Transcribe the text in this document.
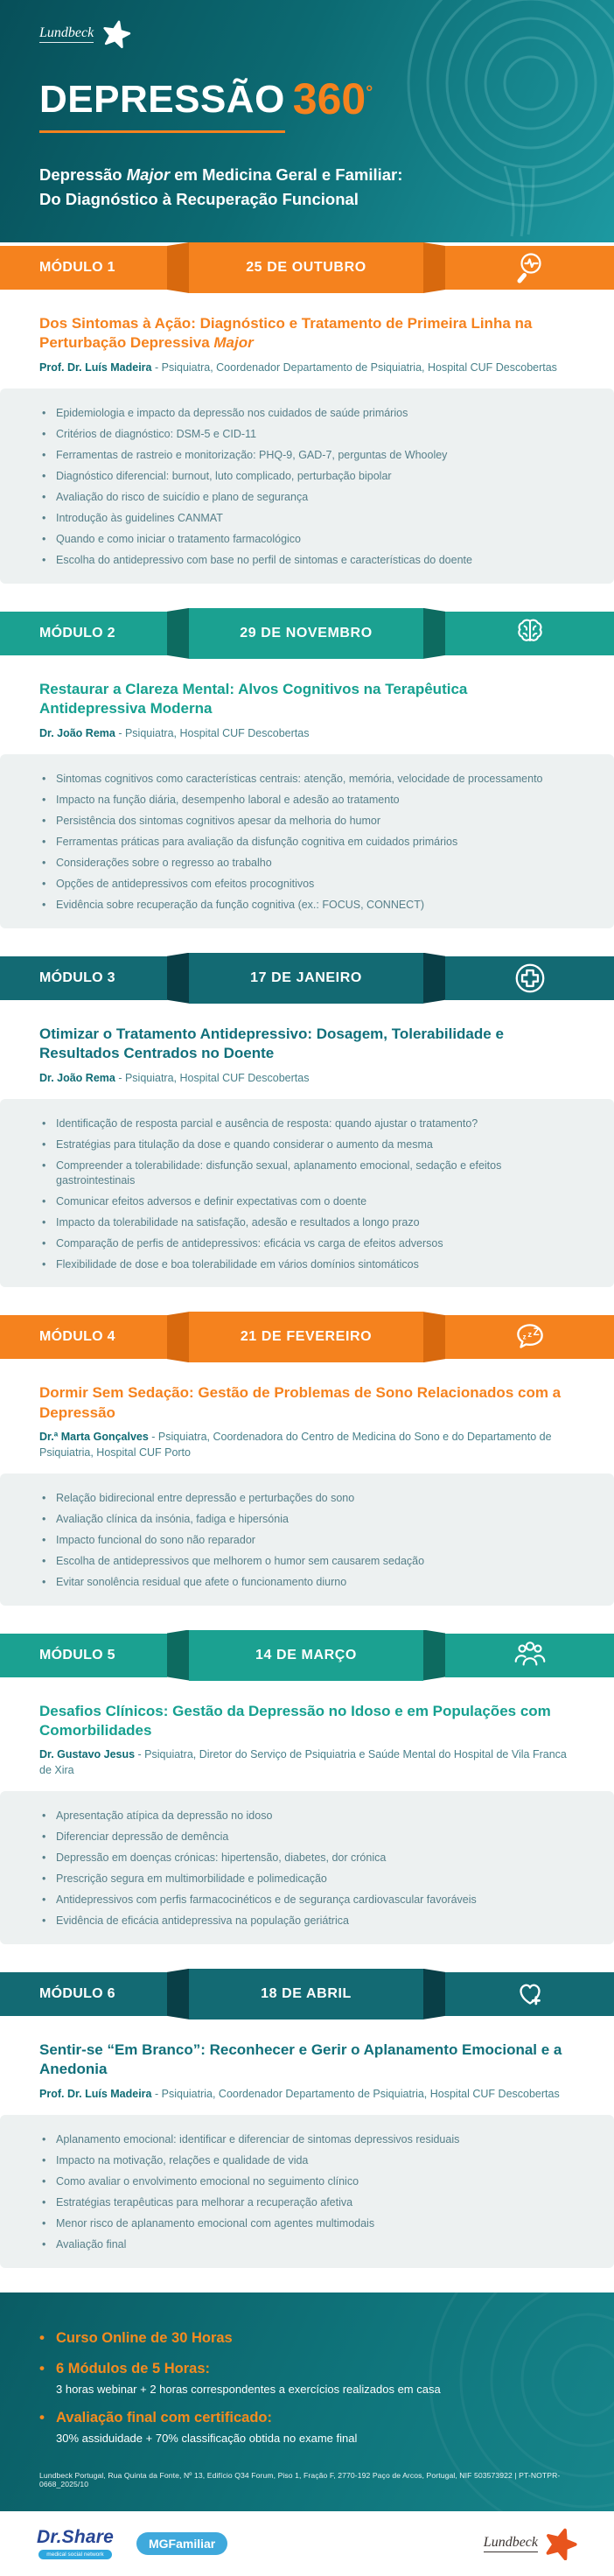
Lundbeck
DEPRESSÃO 360°
Depressão Major em Medicina Geral e Familiar:
Do Diagnóstico à Recuperação Funcional
MÓDULO 1	25 DE OUTUBRO
Dos Sintomas à Ação: Diagnóstico e Tratamento de Primeira Linha na Perturbação Depressiva Major

Prof. Dr. Luís Madeira - Psiquiatra, Coordenador Departamento de Psiquiatria, Hospital CUF Descobertas

• Epidemiologia e impacto da depressão nos cuidados de saúde primários
• Critérios de diagnóstico: DSM-5 e CID-11
• Ferramentas de rastreio e monitorização: PHQ-9, GAD-7, perguntas de Whooley
• Diagnóstico diferencial: burnout, luto complicado, perturbação bipolar
• Avaliação do risco de suicídio e plano de segurança
• Introdução às guidelines CANMAT
• Quando e como iniciar o tratamento farmacológico
• Escolha do antidepressivo com base no perfil de sintomas e características do doente
MÓDULO 2	29 DE NOVEMBRO
Restaurar a Clareza Mental: Alvos Cognitivos na Terapêutica Antidepressiva Moderna

Dr. João Rema - Psiquiatra, Hospital CUF Descobertas

• Sintomas cognitivos como características centrais: atenção, memória, velocidade de processamento
• Impacto na função diária, desempenho laboral e adesão ao tratamento
• Persistência dos sintomas cognitivos apesar da melhoria do humor
• Ferramentas práticas para avaliação da disfunção cognitiva em cuidados primários
• Considerações sobre o regresso ao trabalho
• Opções de antidepressivos com efeitos procognitivos
• Evidência sobre recuperação da função cognitiva (ex.: FOCUS, CONNECT)
MÓDULO 3	17 DE JANEIRO
Otimizar o Tratamento Antidepressivo: Dosagem, Tolerabilidade e Resultados Centrados no Doente

Dr. João Rema - Psiquiatra, Hospital CUF Descobertas

• Identificação de resposta parcial e ausência de resposta: quando ajustar o tratamento?
• Estratégias para titulação da dose e quando considerar o aumento da mesma
• Compreender a tolerabilidade: disfunção sexual, aplanamento emocional, sedação e efeitos gastrointestinais
• Comunicar efeitos adversos e definir expectativas com o doente
• Impacto da tolerabilidade na satisfação, adesão e resultados a longo prazo
• Comparação de perfis de antidepressivos: eficácia vs carga de efeitos adversos
• Flexibilidade de dose e boa tolerabilidade em vários domínios sintomáticos
MÓDULO 4	21 DE FEVEREIRO	z z Z
Dormir Sem Sedação: Gestão de Problemas de Sono Relacionados com a Depressão

Dr.ª Marta Gonçalves - Psiquiatra, Coordenadora do Centro de Medicina do Sono e do Departamento de Psiquiatria, Hospital CUF Porto

• Relação bidirecional entre depressão e perturbações do sono
• Avaliação clínica da insónia, fadiga e hipersónia
• Impacto funcional do sono não reparador
• Escolha de antidepressivos que melhorem o humor sem causarem sedação
• Evitar sonolência residual que afete o funcionamento diurno
MÓDULO 5	14 DE MARÇO
Desafios Clínicos: Gestão da Depressão no Idoso e em Populações com Comorbilidades

Dr. Gustavo Jesus - Psiquiatra, Diretor do Serviço de Psiquiatria e Saúde Mental do Hospital de Vila Franca de Xira

• Apresentação atípica da depressão no idoso
• Diferenciar depressão de demência
• Depressão em doenças crónicas: hipertensão, diabetes, dor crónica
• Prescrição segura em multimorbilidade e polimedicação
• Antidepressivos com perfis farmacocinéticos e de segurança cardiovascular favoráveis
• Evidência de eficácia antidepressiva na população geriátrica
MÓDULO 6	18 DE ABRIL
Sentir-se “Em Branco”: Reconhecer e Gerir o Aplanamento Emocional e a Anedonia

Prof. Dr. Luís Madeira - Psiquiatria, Coordenador Departamento de Psiquiatria, Hospital CUF Descobertas

• Aplanamento emocional: identificar e diferenciar de sintomas depressivos residuais
• Impacto na motivação, relações e qualidade de vida
• Como avaliar o envolvimento emocional no seguimento clínico
• Estratégias terapêuticas para melhorar a recuperação afetiva
• Menor risco de aplanamento emocional com agentes multimodais
• Avaliação final
• Curso Online de 30 Horas
• 6 Módulos de 5 Horas:
3 horas webinar + 2 horas correspondentes a exercícios realizados em casa
• Avaliação final com certificado:
30% assiduidade + 70% classificação obtida no exame final
Lundbeck Portugal, Rua Quinta da Fonte, Nº 13, Edifício Q34 Forum, Piso 1, Fração F, 2770-192 Paço de Arcos, Portugal, NIF 503573922 | PT-NOTPR-0668_2025/10
Dr.Share
medical social network
MGFamiliar	Lundbeck
